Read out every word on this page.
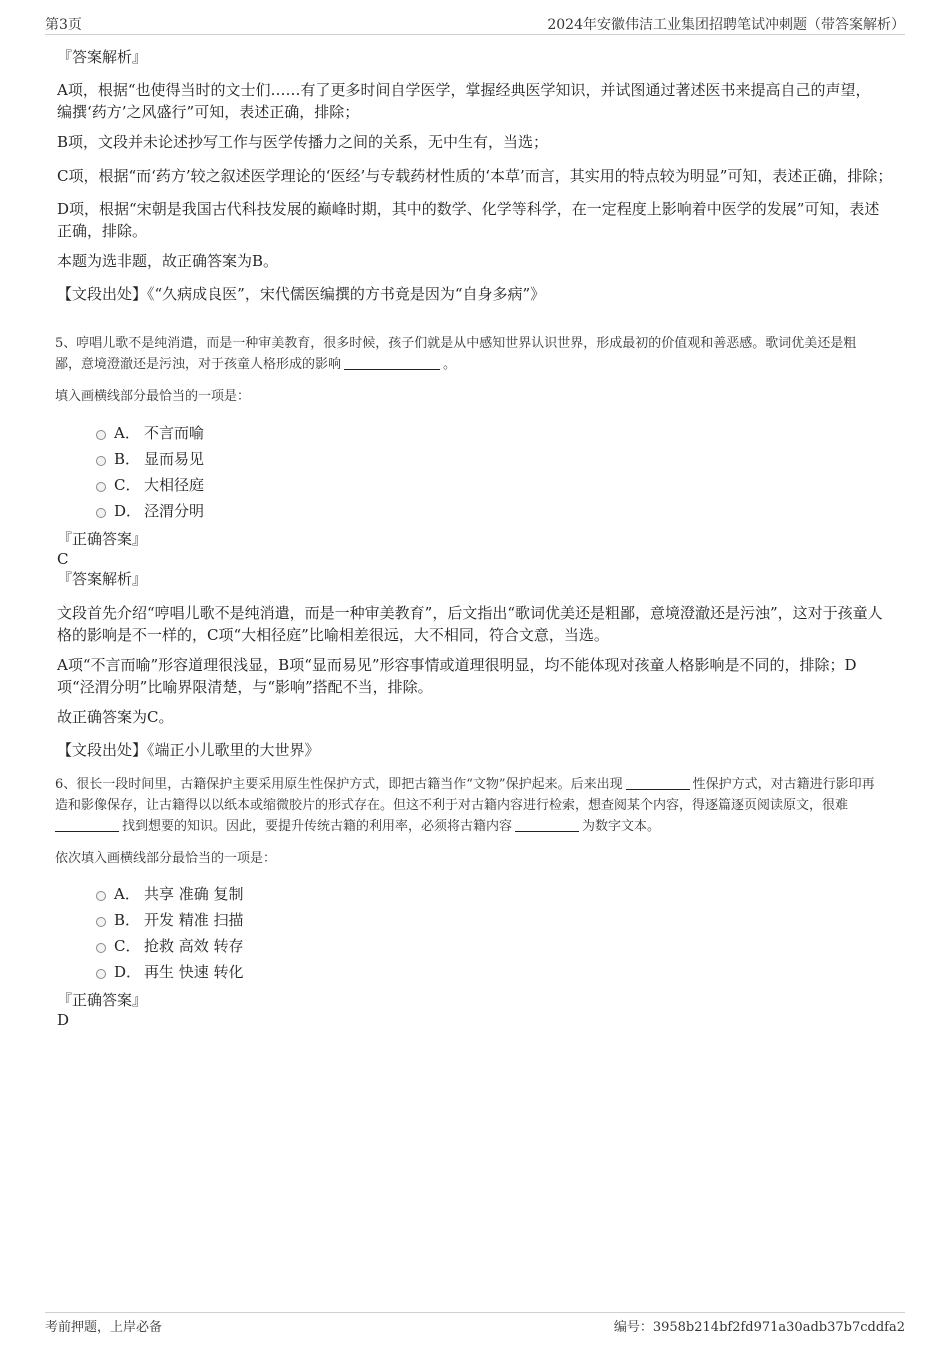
第3页	2024年安徽伟洁工业集团招聘笔试冲刺题（带答案解析）
『答案解析』
A项，根据“也使得当时的文士们……有了更多时间自学医学，掌握经典医学知识，并试图通过著述医书来提高自己的声望，
编撰‘药方’之风盛行”可知，表述正确，排除；
B项，文段并未论述抄写工作与医学传播力之间的关系，无中生有，当选；
C项，根据“而‘药方’较之叙述医学理论的‘医经’与专载药材性质的‘本草’而言，其实用的特点较为明显”可知，表述正确，排除；
D项，根据“宋朝是我国古代科技发展的巅峰时期，其中的数学、化学等科学，在一定程度上影响着中医学的发展”可知，表述
正确，排除。
本题为选非题，故正确答案为B。
【文段出处】《“久病成良医”，宋代儒医编撰的方书竟是因为“自身多病”》
5、哼唱儿歌不是纯消遣，而是一种审美教育，很多时候，孩子们就是从中感知世界认识世界，形成最初的价值观和善恶感。歌词优美还是粗
鄙，意境澄澈还是污浊，对于孩童人格形成的影响	。
填入画横线部分最恰当的一项是：
A． 不言而喻
B． 显而易见
C． 大相径庭
D． 泾渭分明
『正确答案』
C
『答案解析』
文段首先介绍“哼唱儿歌不是纯消遣，而是一种审美教育”，后文指出“歌词优美还是粗鄙，意境澄澈还是污浊”，这对于孩童人
格的影响是不一样的，C项“大相径庭”比喻相差很远，大不相同，符合文意，当选。
A项“不言而喻”形容道理很浅显，B项“显而易见”形容事情或道理很明显，均不能体现对孩童人格影响是不同的，排除；D
项“泾渭分明”比喻界限清楚，与“影响”搭配不当，排除。
故正确答案为C。
【文段出处】《端正小儿歌里的大世界》
6、很长一段时间里，古籍保护主要采用原生性保护方式，即把古籍当作“文物”保护起来。后来出现	性保护方式，对古籍进行影印再
造和影像保存，让古籍得以以纸本或缩微胶片的形式存在。但这不利于对古籍内容进行检索，想查阅某个内容，得逐篇逐页阅读原文，很难
找到想要的知识。因此，要提升传统古籍的利用率，必须将古籍内容	为数字文本。
依次填入画横线部分最恰当的一项是：
A． 共享 准确 复制
B． 开发 精准 扫描
C． 抢救 高效 转存
D． 再生 快速 转化
『正确答案』
D
考前押题，上岸必备	编号：3958b214bf2fd971a30adb37b7cddfa2
